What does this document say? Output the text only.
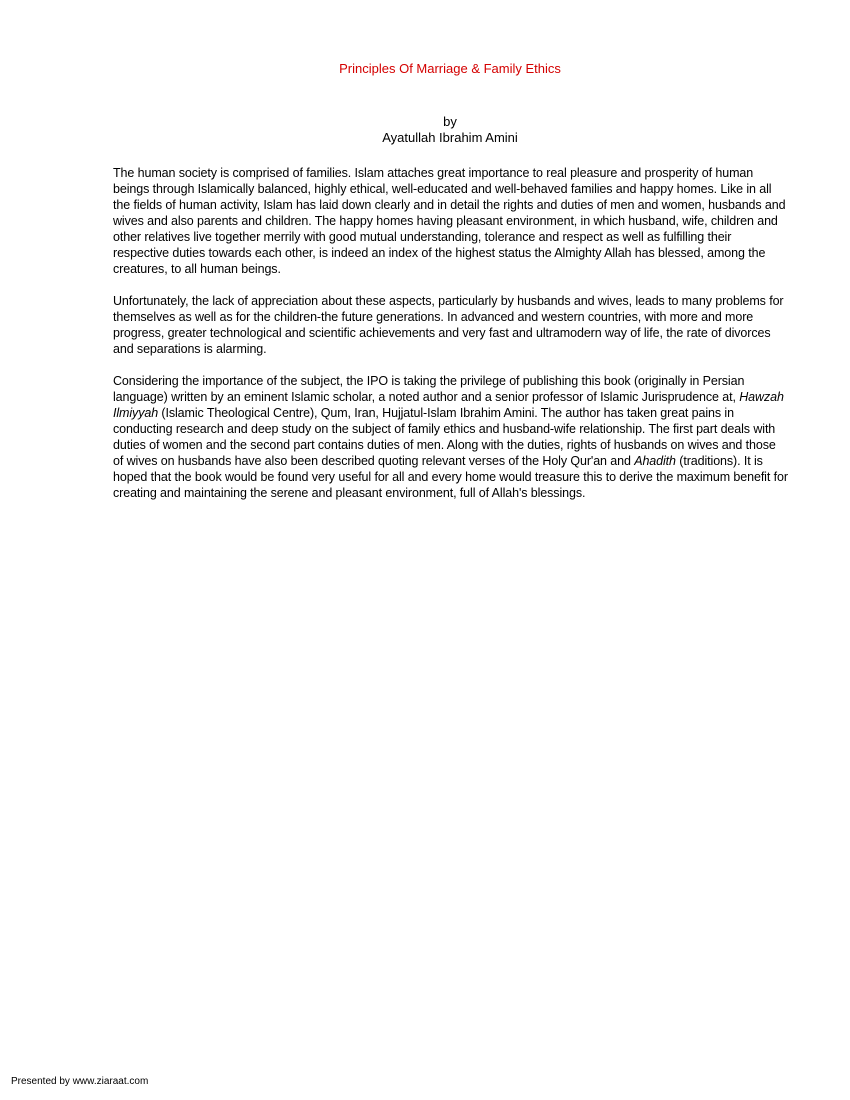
Principles Of Marriage & Family Ethics
by
Ayatullah Ibrahim Amini

The human society is comprised of families. Islam attaches great importance to real pleasure and prosperity of human beings through Islamically balanced, highly ethical, well-educated and well-behaved families and happy homes. Like in all the fields of human activity, Islam has laid down clearly and in detail the rights and duties of men and women, husbands and wives and also parents and children. The happy homes having pleasant environment, in which husband, wife, children and other relatives live together merrily with good mutual understanding, tolerance and respect as well as fulfilling their respective duties towards each other, is indeed an index of the highest status the Almighty Allah has blessed, among the creatures, to all human beings.

Unfortunately, the lack of appreciation about these aspects, particularly by husbands and wives, leads to many problems for themselves as well as for the children-the future generations. In advanced and western countries, with more and more progress, greater technological and scientific achievements and very fast and ultramodern way of life, the rate of divorces and separations is alarming.

Considering the importance of the subject, the IPO is taking the privilege of publishing this book (originally in Persian language) written by an eminent Islamic scholar, a noted author and a senior professor of Islamic Jurisprudence at, Hawzah Ilmiyyah (Islamic Theological Centre), Qum, Iran, Hujjatul-Islam Ibrahim Amini. The author has taken great pains in conducting research and deep study on the subject of family ethics and husband-wife relationship. The first part deals with duties of women and the second part contains duties of men. Along with the duties, rights of husbands on wives and those of wives on husbands have also been described quoting relevant verses of the Holy Qur'an and Ahadith (traditions). It is hoped that the book would be found very useful for all and every home would treasure this to derive the maximum benefit for creating and maintaining the serene and pleasant environment, full of Allah's blessings.

Presented by www.ziaraat.com
